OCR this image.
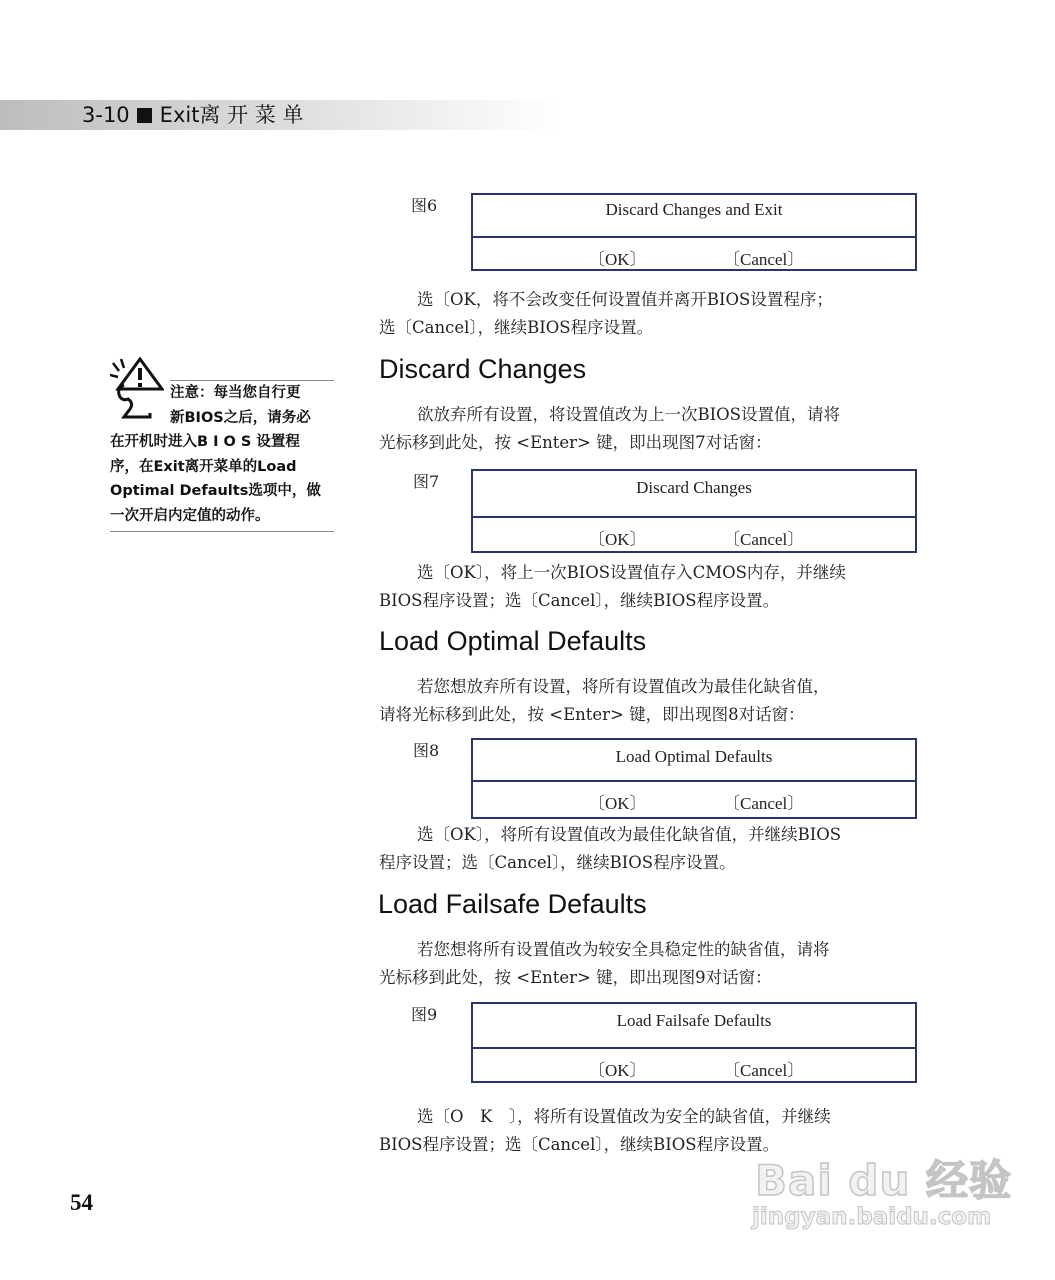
3-10 Exit离 开 菜 单
图6	Discard Changes and Exit
〔OK〕	〔Cancel〕

选〔OK，将不会改变任何设置值并离开BIOS设置程序；

选〔Cancel〕，继续BIOS程序设置。

Discard Changes

欲放弃所有设置，将设置值改为上一次BIOS设置值，请将

光标移到此处，按 <Enter> 键，即出现图7对话窗：

图7	Discard Changes
〔OK〕	〔Cancel〕

选〔OK〕，将上一次BIOS设置值存入CMOS内存，并继续

BIOS程序设置；选〔Cancel〕，继续BIOS程序设置。

Load Optimal Defaults

若您想放弃所有设置，将所有设置值改为最佳化缺省值，

请将光标移到此处，按 <Enter> 键，即出现图8对话窗：

图8	Load Optimal Defaults
〔OK〕	〔Cancel〕

选〔OK〕，将所有设置值改为最佳化缺省值，并继续BIOS

程序设置；选〔Cancel〕，继续BIOS程序设置。

Load Failsafe Defaults

若您想将所有设置值改为较安全具稳定性的缺省值，请将

光标移到此处，按 <Enter> 键，即出现图9对话窗：

图9	Load Failsafe Defaults
〔OK〕	〔Cancel〕

选〔O　K　〕，将所有设置值改为安全的缺省值，并继续

BIOS程序设置；选〔Cancel〕，继续BIOS程序设置。

注意：每当您自行更
新BIOS之后，请务必
在开机时进入B I O S 设置程
序，在Exit离开菜单的Load
Optimal Defaults选项中，做
一次开启内定值的动作。
54	Bai du 经验
jingyan.baidu.com
